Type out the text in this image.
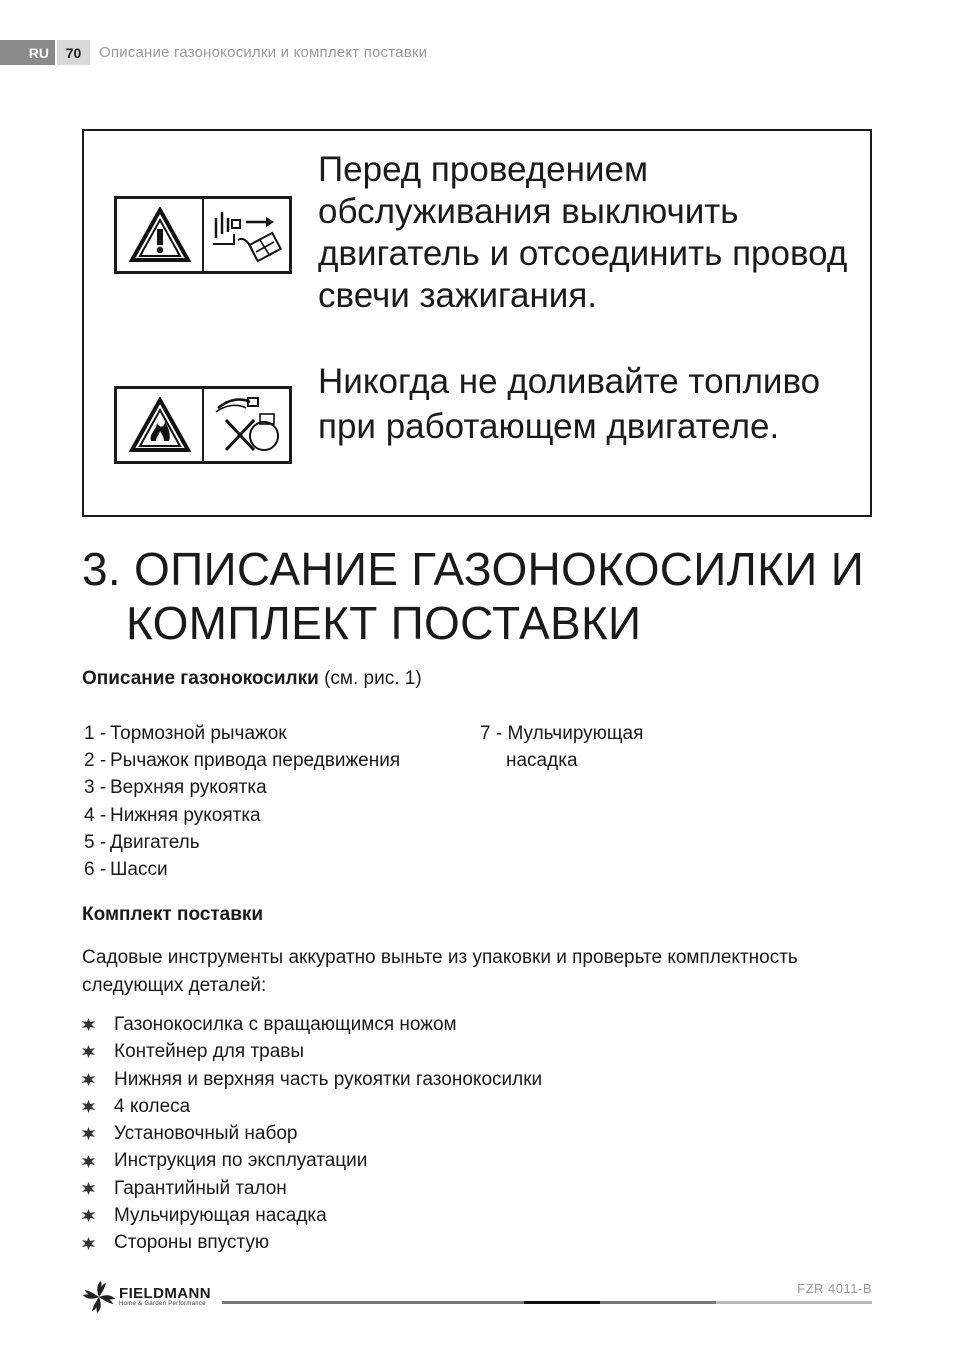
RU	70	Описание газонокосилки и комплект поставки
Перед проведением обслуживания выключить двигатель и отсоединить провод свечи зажигания.
Никогда не доливайте топливо при работающем двигателе.
3. ОПИСАНИЕ ГАЗОНОКОСИЛКИ И
КОМПЛЕКТ ПОСТАВКИ
Описание газонокосилки (см. рис. 1)
1 - Тормозной рычажок
2 - Рычажок привода передвижения
3 - Верхняя рукоятка
4 - Нижняя рукоятка
5 - Двигатель
6 - Шасси
7 - Мульчирующая
насадка
Комплект поставки
Садовые инструменты аккуратно выньте из упаковки и проверьте комплектность следующих деталей:
Газонокосилка с вращающимся ножом
Контейнер для травы
Нижняя и верхняя часть рукоятки газонокосилки
4 колеса
Установочный набор
Инструкция по эксплуатации
Гарантийный талон
Мульчирующая насадка
Стороны впустую
FIELDMANN
Home & Garden Performance
FZR 4011-B
